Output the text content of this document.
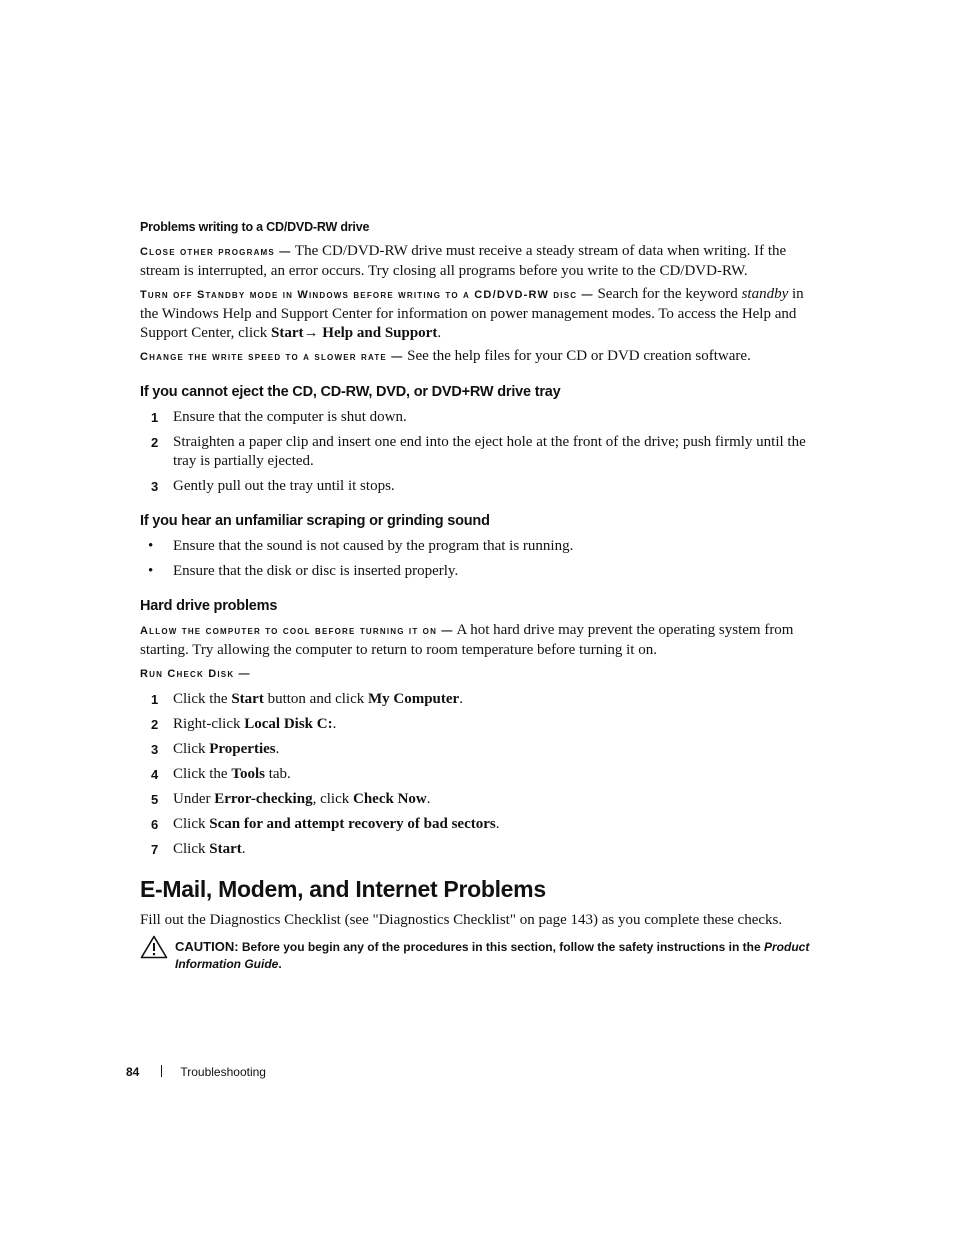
Problems writing to a CD/DVD-RW drive

Close other programs — The CD/DVD-RW drive must receive a steady stream of data when writing. If the stream is interrupted, an error occurs. Try closing all programs before you write to the CD/DVD-RW.

Turn off Standby mode in Windows before writing to a CD/DVD-RW disc — Search for the keyword standby in the Windows Help and Support Center for information on power management modes. To access the Help and Support Center, click Start→ Help and Support.

Change the write speed to a slower rate — See the help files for your CD or DVD creation software.

If you cannot eject the CD, CD-RW, DVD, or DVD+RW drive tray
1 Ensure that the computer is shut down.
2 Straighten a paper clip and insert one end into the eject hole at the front of the drive; push firmly until the tray is partially ejected.
3 Gently pull out the tray until it stops.
If you hear an unfamiliar scraping or grinding sound
• Ensure that the sound is not caused by the program that is running.
• Ensure that the disk or disc is inserted properly.
Hard drive problems

Allow the computer to cool before turning it on — A hot hard drive may prevent the operating system from starting. Try allowing the computer to return to room temperature before turning it on.

Run Check Disk —

1 Click the Start button and click My Computer.
2 Right-click Local Disk C:.
3 Click Properties.
4 Click the Tools tab.
5 Under Error-checking, click Check Now.
6 Click Scan for and attempt recovery of bad sectors.
7 Click Start.
E-Mail, Modem, and Internet Problems

Fill out the Diagnostics Checklist (see "Diagnostics Checklist" on page 143) as you complete these checks.

CAUTION: Before you begin any of the procedures in this section, follow the safety instructions in the Product Information Guide.
84	Troubleshooting
